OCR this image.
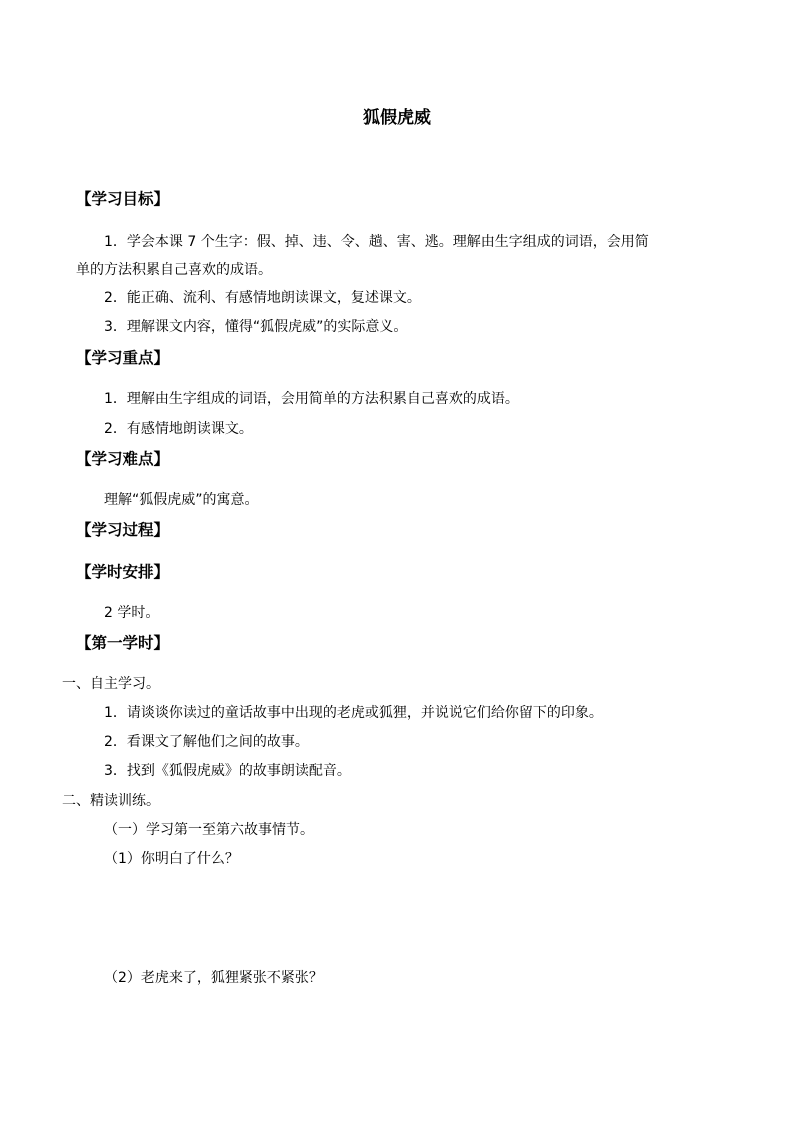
狐假虎威
【学习目标】
1．学会本课 7 个生字：假、掉、违、令、趟、害、逃。理解由生字组成的词语，会用简
单的方法积累自己喜欢的成语。
2．能正确、流利、有感情地朗读课文，复述课文。
3．理解课文内容，懂得“狐假虎威”的实际意义。
【学习重点】
1．理解由生字组成的词语，会用简单的方法积累自己喜欢的成语。
2．有感情地朗读课文。
【学习难点】
理解“狐假虎威”的寓意。
【学习过程】
【学时安排】
2 学时。
【第一学时】
一、自主学习。
1．请谈谈你读过的童话故事中出现的老虎或狐狸，并说说它们给你留下的印象。
2．看课文了解他们之间的故事。
3．找到《狐假虎威》的故事朗读配音。
二、精读训练。
（一）学习第一至第六故事情节。
（1）你明白了什么？
（2）老虎来了，狐狸紧张不紧张？
